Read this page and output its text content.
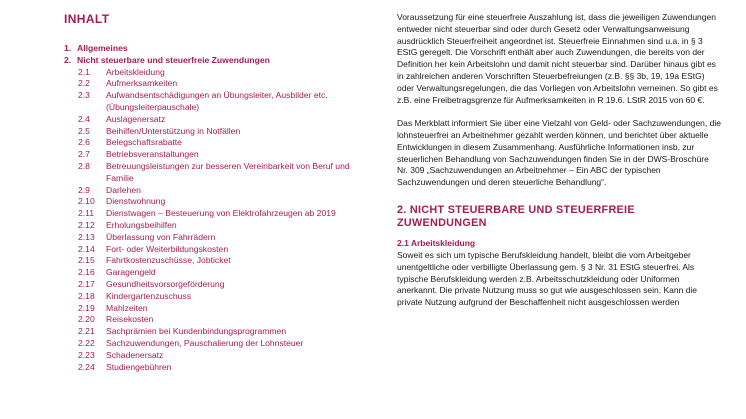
INHALT
1. Allgemeines
2. Nicht steuerbare und steuerfreie Zuwendungen
2.1	Arbeitskleidung
2.2	Aufmerksamkeiten
2.3	Aufwandsentschädigungen an Übungsleiter, Ausbilder etc. (Übungsleiterpauschale)
2.4	Auslagenersatz
2.5	Beihilfen/Unterstützung in Notfällen
2.6	Belegschaftsrabatte
2.7	Betriebsveranstaltungen
2.8	Betreuungsleistungen zur besseren Vereinbarkeit von Beruf und Familie
2.9	Darlehen
2.10	Dienstwohnung
2.11	Dienstwagen – Besteuerung von Elektrofahrzeugen ab 2019
2.12	Erholungsbeihilfen
2.13	Überlassung von Fahrrädern
2.14	Fort- oder Weiterbildungskosten
2.15	Fahrtkostenzuschüsse, Jobticket
2.16	Garagengeld
2.17	Gesundheitsvorsorgeförderung
2.18	Kindergartenzuschuss
2.19	Mahlzeiten
2.20	Reisekosten
2.21	Sachprämien bei Kundenbindungsprogrammen
2.22	Sachzuwendungen, Pauschalierung der Lohnsteuer
2.23	Schadenersatz
2.24	Studiengebühren

Voraussetzung für eine steuerfreie Auszahlung ist, dass die jeweiligen Zuwendungen entweder nicht steuerbar sind oder durch Gesetz oder Verwaltungsanweisung ausdrücklich Steuerfreiheit angeordnet ist. Steuerfreie Einnahmen sind u.a. in § 3 EStG geregelt. Die Vorschrift enthält aber auch Zuwendungen, die bereits von der Definition her kein Arbeitslohn und damit nicht steuerbar sind. Darüber hinaus gibt es in zahlreichen anderen Vorschriften Steuerbefreiungen (z.B. §§ 3b, 19, 19a EStG) oder Verwaltungsregelungen, die das Vorliegen von Arbeitslohn verneinen. So gibt es z.B. eine Freibetragsgrenze für Aufmerksamkeiten in R 19.6. LStR 2015 von 60 €.

Das Merkblatt informiert Sie über eine Vielzahl von Geld- oder Sachzuwendungen, die lohnsteuerfrei an Arbeitnehmer gezahlt werden können, und berichtet über aktuelle Entwicklungen in diesem Zusammenhang. Ausführliche Informationen insb. zur steuerlichen Behandlung von Sachzuwendungen finden Sie in der DWS-Broschüre Nr. 309 „Sachzuwendungen an Arbeitnehmer – Ein ABC der typischen Sachzuwendungen und deren steuerliche Behandlung“.

2. NICHT STEUERBARE UND STEUERFREIE ZUWENDUNGEN
2.1 Arbeitskleidung

Soweit es sich um typische Berufskleidung handelt, bleibt die vom Arbeitgeber unentgeltliche oder verbilligte Überlassung gem. § 3 Nr. 31 EStG steuerfrei. Als typische Berufskleidung werden z.B. Arbeitsschutzkleidung oder Uniformen anerkannt. Die private Nutzung muss so gut wie ausgeschlossen sein. Kann die private Nutzung aufgrund der Beschaffenheit nicht ausgeschlossen werden
